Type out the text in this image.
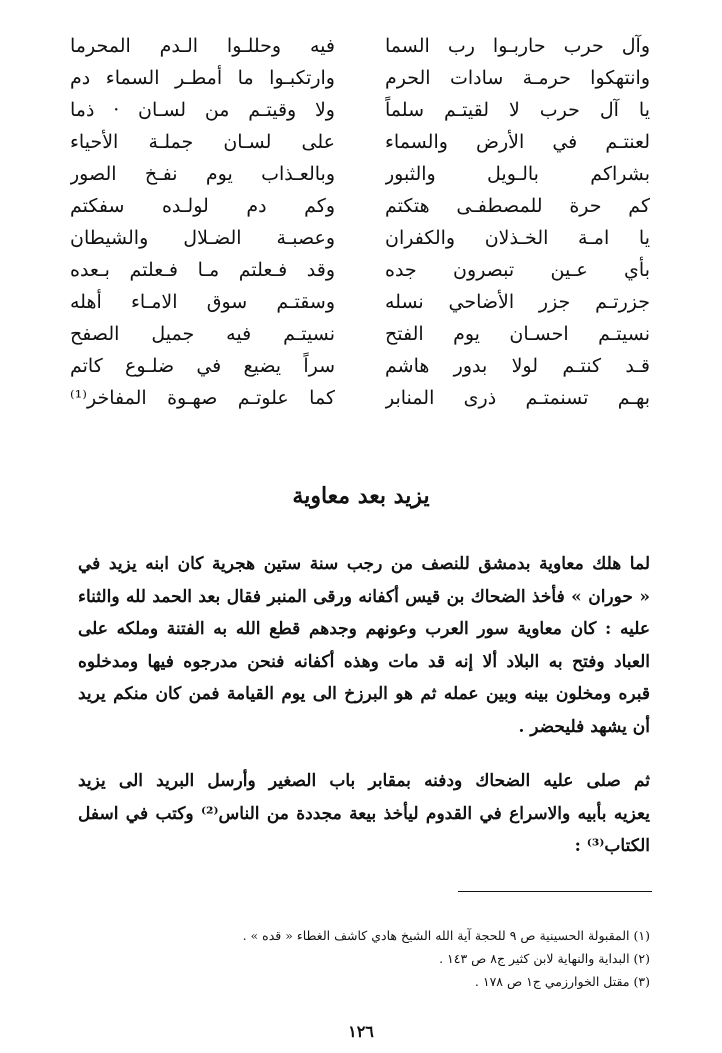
وآل حرب حاربـوا رب السما
وانتهكوا حرمـة سادات الحرم
يا آل حرب لا لقيتـم سلماً
لعنتـم في الأرض والسماء
بشراكم بالـويل والثبور
كم حرة للمصطفـى هتكتم
يا امـة الخـذلان والكفران
بأي عـين تبصرون جده
جزرتـم جزر الأضاحي نسله
نسيتـم احسـان يوم الفتح
قـد كنتـم لولا بدور هاشم
بهـم تسنمتـم ذرى المنابر
فيه وحللـوا الـدم المحرما
وارتكبـوا ما أمطـر السماء دم
ولا وقيتـم من لسـان · ذما
على لسـان جملـة الأحياء
وبالعـذاب يوم نفـخ الصور
وكم دم لولـده سفكتم
وعصبـة الضـلال والشيطان
وقد فـعلتم مـا فـعلتم بـعده
وسقتـم سوق الامـاء أهله
نسيتـم فيه جميل الصفح
سراً يضيع في ضلـوع كاتم
كما علوتـم صهـوة المفاخر⁽¹⁾
يزيد بعد معاوية

لما هلك معاوية بدمشق للنصف من رجب سنة ستين هجرية كان ابنه يزيد في
« حوران » فأخذ الضحاك بن قيس أكفانه ورقى المنبر فقال بعد الحمد لله والثناء
عليه : كان معاوية سور العرب وعونهم وجدهم قطع الله به الفتنة وملكه على
العباد وفتح به البلاد ألا إنه قد مات وهذه أكفانه فنحن مدرجوه فيها ومدخلوه
قبره ومخلون بينه وبين عمله ثم هو البرزخ الى يوم القيامة فمن كان منكم يريد
أن يشهد فليحضر .

ثم صلى عليه الضحاك ودفنه بمقابر باب الصغير وأرسل البريد الى يزيد
يعزيه بأبيه والاسراع في القدوم ليأخذ بيعة مجددة من الناس⁽²⁾ وكتب في اسفل
الكتاب⁽³⁾ :

(١) المقبولة الحسينية ص ٩ للحجة آية الله الشيخ هادي كاشف الغطاء « قده » .
(٢) البداية والنهاية لابن كثير ج٨ ص ١٤٣ .
(٣) مقتل الخوارزمي ج١ ص ١٧٨ .
١٢٦
